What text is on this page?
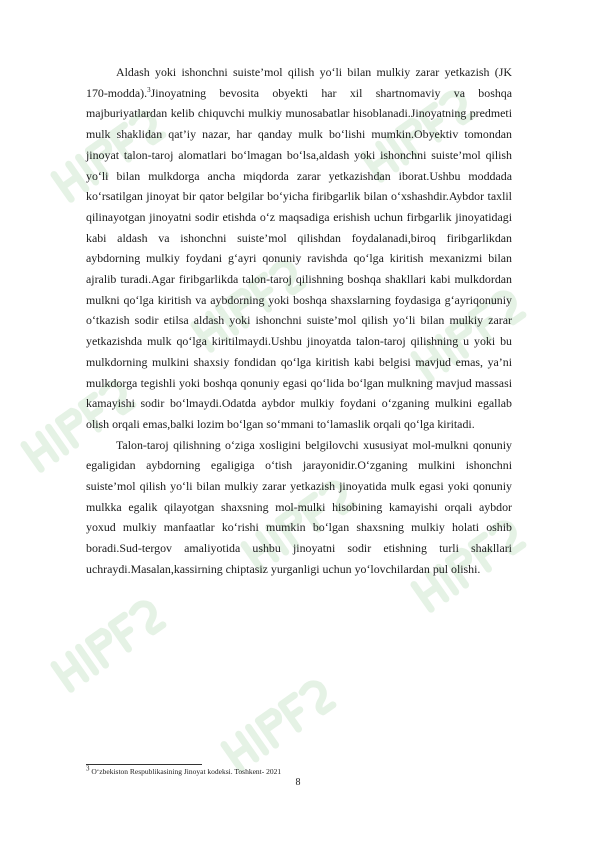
Aldash yoki ishonchni suiste’mol qilish yo‘li bilan mulkiy zarar yetkazish (JK 170-modda).$^3$Jinoyatning bevosita obyekti har xil shartnomaviy va boshqa majburiyatlardan kelib chiquvchi mulkiy munosabatlar hisoblanadi.Jinoyatning predmeti mulk shaklidan qat’iy nazar, har qanday mulk bo‘lishi mumkin.Obyektiv tomondan jinoyat talon-taroj alomatlari bo‘lmagan bo‘lsa,aldash yoki ishonchni suiste’mol qilish yo‘li bilan mulkdorga ancha miqdorda zarar yetkazishdan iborat.Ushbu moddada ko‘rsatilgan jinoyat bir qator belgilar bo‘yicha firibgarlik bilan o‘xshashdir.Aybdor taxlil qilinayotgan jinoyatni sodir etishda o‘z maqsadiga erishish uchun firbgarlik jinoyatidagi kabi aldash va ishonchni suiste’mol qilishdan foydalanadi,biroq firibgarlikdan aybdorning mulkiy foydani g‘ayri qonuniy ravishda qo‘lga kiritish mexanizmi bilan ajralib turadi.Agar firibgarlikda talon-taroj qilishning boshqa shakllari kabi mulkdordan mulkni qo‘lga kiritish va aybdorning yoki boshqa shaxslarning foydasiga g‘ayriqonuniy o‘tkazish sodir etilsa aldash yoki ishonchni suiste’mol qilish yo‘li bilan mulkiy zarar yetkazishda mulk qo‘lga kiritilmaydi.Ushbu jinoyatda talon-taroj qilishning u yoki bu mulkdorning mulkini shaxsiy fondidan qo‘lga kiritish kabi belgisi mavjud emas, ya’ni mulkdorga tegishli yoki boshqa qonuniy egasi qo‘lida bo‘lgan mulkning mavjud massasi kamayishi sodir bo‘lmaydi.Odatda aybdor mulkiy foydani o‘zganing mulkini egallab olish orqali emas,balki lozim bo‘lgan so‘mmani to‘lamaslik orqali qo‘lga kiritadi.

Talon-taroj qilishning o‘ziga xosligini belgilovchi xususiyat mol-mulkni qonuniy egaligidan aybdorning egaligiga o‘tish jarayonidir.O‘zganing mulkini ishonchni suiste’mol qilish yo‘li bilan mulkiy zarar yetkazish jinoyatida mulk egasi yoki qonuniy mulkka egalik qilayotgan shaxsning mol-mulki hisobining kamayishi orqali aybdor yoxud mulkiy manfaatlar ko‘rishi mumkin bo‘lgan shaxsning mulkiy holati oshib boradi.Sud-tergov amaliyotida ushbu jinoyatni sodir etishning turli shakllari uchraydi.Masalan,kassirning chiptasiz yurganligi uchun yo‘lovchilardan pul olishi.

$^3$ O‘zbekiston Respublikasining Jinoyat kodeksi. Toshkent- 2021
8
